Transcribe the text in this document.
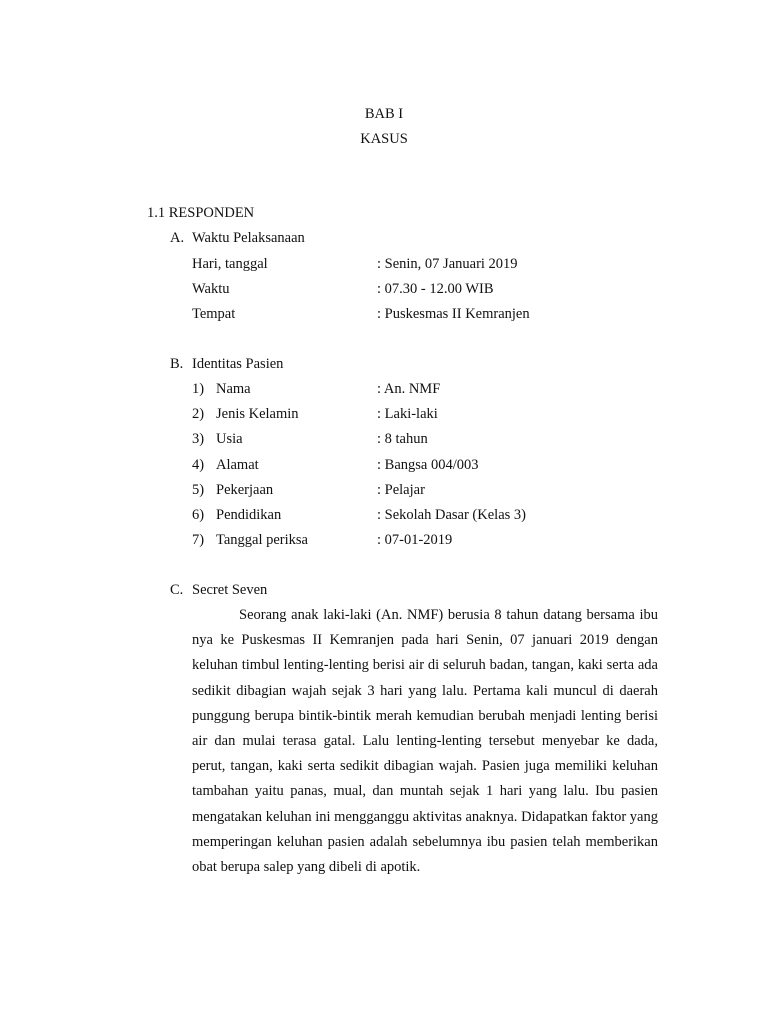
BAB I
KASUS
1.1 RESPONDEN
A. Waktu Pelaksanaan
Hari, tanggal	: Senin, 07 Januari 2019
Waktu	: 07.30 - 12.00 WIB
Tempat	: Puskesmas II Kemranjen
B. Identitas Pasien
1) Nama	: An. NMF
2) Jenis Kelamin	: Laki-laki
3) Usia	: 8 tahun
4) Alamat	: Bangsa 004/003
5) Pekerjaan	: Pelajar
6) Pendidikan	: Sekolah Dasar (Kelas 3)
7) Tanggal periksa	: 07-01-2019
C. Secret Seven
Seorang anak laki-laki (An. NMF) berusia 8 tahun datang bersama ibu nya ke Puskesmas II Kemranjen pada hari Senin, 07 januari 2019 dengan keluhan timbul lenting-lenting berisi air di seluruh badan, tangan, kaki serta ada sedikit dibagian wajah sejak 3 hari yang lalu. Pertama kali muncul di daerah punggung berupa bintik-bintik merah kemudian berubah menjadi lenting berisi air dan mulai terasa gatal. Lalu lenting-lenting tersebut menyebar ke dada, perut, tangan, kaki serta sedikit dibagian wajah. Pasien juga memiliki keluhan tambahan yaitu panas, mual, dan muntah sejak 1 hari yang lalu. Ibu pasien mengatakan keluhan ini mengganggu aktivitas anaknya. Didapatkan faktor yang memperingan keluhan pasien adalah sebelumnya ibu pasien telah memberikan obat berupa salep yang dibeli di apotik.
